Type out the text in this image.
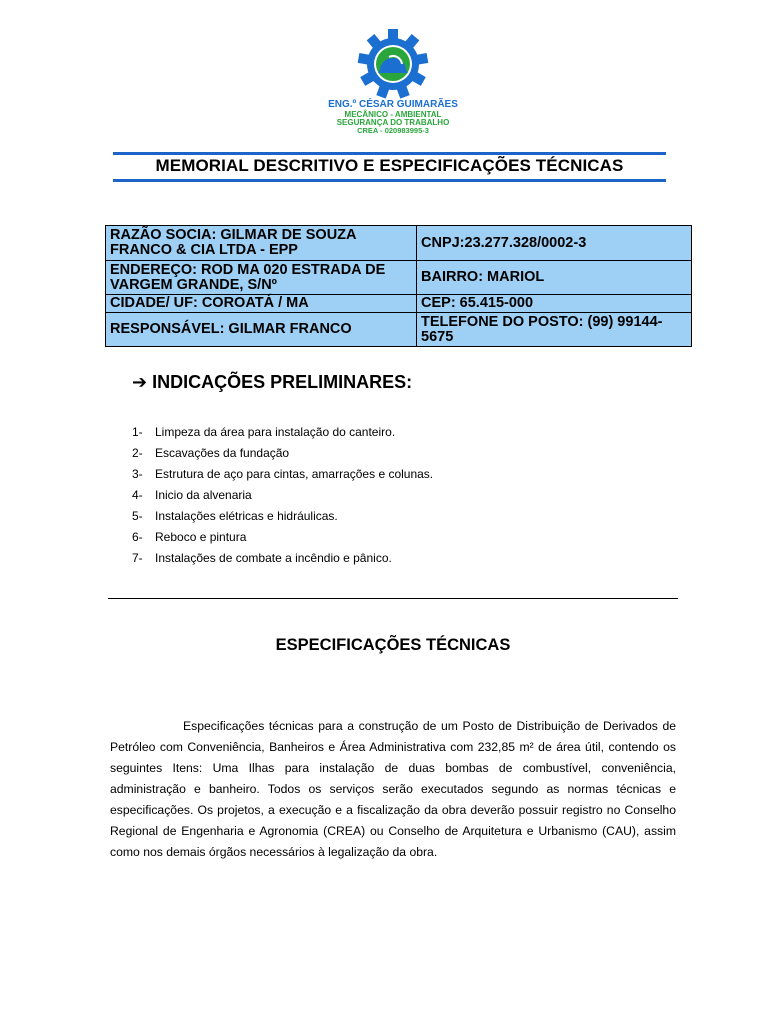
ENG.º CÉSAR GUIMARÃES
MECÂNICO - AMBIENTAL
SEGURANÇA DO TRABALHO
CREA - 020983995-3
MEMORIAL DESCRITIVO E ESPECIFICAÇÕES TÉCNICAS
RAZÃO SOCIA: GILMAR DE SOUZA FRANCO & CIA LTDA - EPP	CNPJ:23.277.328/0002-3
ENDEREÇO: ROD MA 020 ESTRADA DE VARGEM GRANDE, S/Nº	BAIRRO: MARIOL
CIDADE/ UF: COROATÁ / MA	CEP: 65.415-000
RESPONSÁVEL: GILMAR FRANCO	TELEFONE DO POSTO: (99) 99144-5675
➔ INDICAÇÕES PRELIMINARES:
1-	Limpeza da área para instalação do canteiro.
2-	Escavações da fundação
3-	Estrutura de aço para cintas, amarrações e colunas.
4-	Inicio da alvenaria
5-	Instalações elétricas e hidráulicas.
6-	Reboco e pintura
7-	Instalações de combate a incêndio e pânico.
ESPECIFICAÇÕES TÉCNICAS

Especificações técnicas para a construção de um Posto de Distribuição de Derivados de Petróleo com Conveniência, Banheiros e Área Administrativa com 232,85 m² de área útil, contendo os seguintes Itens: Uma Ilhas para instalação de duas bombas de combustível, conveniência, administração e banheiro. Todos os serviços serão executados segundo as normas técnicas e especificações. Os projetos, a execução e a fiscalização da obra deverão possuir registro no Conselho Regional de Engenharia e Agronomia (CREA) ou Conselho de Arquitetura e Urbanismo (CAU), assim como nos demais órgãos necessários à legalização da obra.
